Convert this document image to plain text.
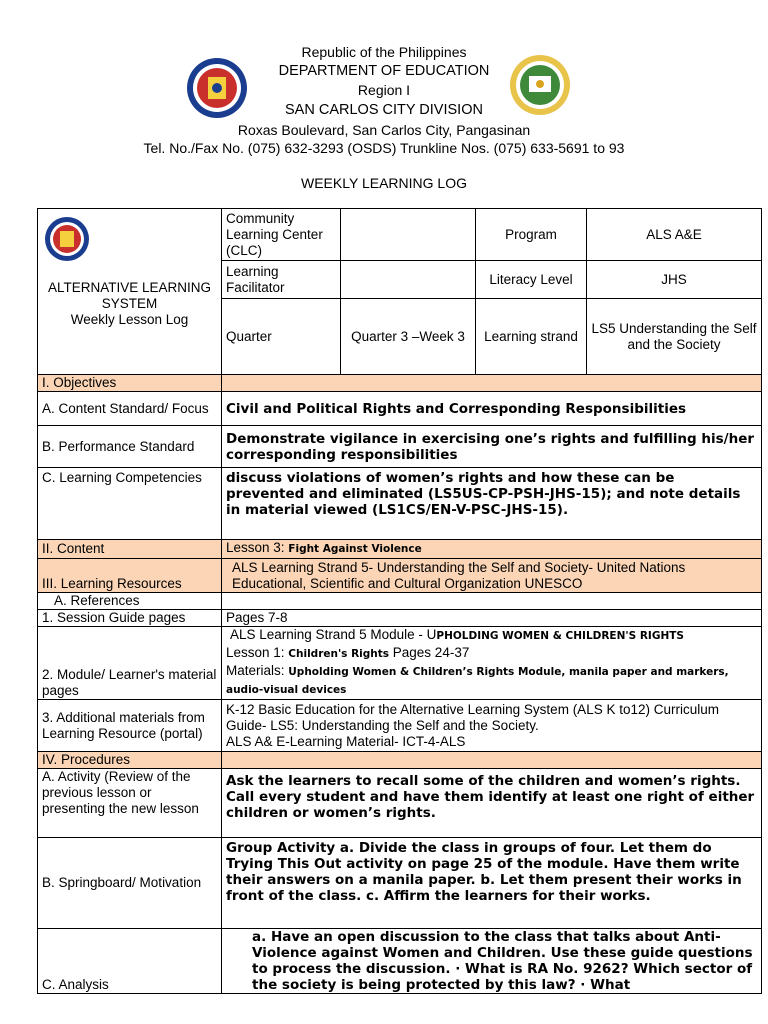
Republic of the Philippines
DEPARTMENT OF EDUCATION
Region I
SAN CARLOS CITY DIVISION
Roxas Boulevard, San Carlos City, Pangasinan
Tel. No./Fax No. (075) 632-3293 (OSDS) Trunkline Nos. (075) 633-5691 to 93
WEEKLY LEARNING LOG
ALTERNATIVE LEARNING SYSTEM
Weekly Lesson Log	Community Learning Center (CLC)		Program	ALS A&E
	Learning Facilitator		Literacy Level	JHS
	Quarter	Quarter 3 –Week 3	Learning strand	LS5 Understanding the Self and the Society
I. Objectives				
A. Content Standard/ Focus	Civil and Political Rights and Corresponding Responsibilities			
B. Performance Standard	Demonstrate vigilance in exercising one’s rights and fulfilling his/her corresponding responsibilities			
C. Learning Competencies	discuss violations of women’s rights and how these can be prevented and eliminated (LS5US-CP-PSH-JHS-15); and note details in material viewed (LS1CS/EN-V-PSC-JHS-15).			
II. Content	Lesson 3: Fight Against Violence			
III. Learning Resources	ALS Learning Strand 5- Understanding the Self and Society- United Nations Educational, Scientific and Cultural Organization UNESCO			
A. References				
1. Session Guide pages	Pages 7-8			
2. Module/ Learner's material pages	ALS Learning Strand 5 Module - UPHOLDING WOMEN & CHILDREN'S RIGHTS
Lesson 1: Children's Rights Pages 24-37
Materials: Upholding Women & Children’s Rights Module, manila paper and markers, audio-visual devices			

3. Additional materials from Learning Resource (portal)	K-12 Basic Education for the Alternative Learning System (ALS K to12) Curriculum Guide- LS5: Understanding the Self and the Society.
ALS A& E-Learning Material- ICT-4-ALS			

IV. Procedures				
A. Activity (Review of the previous lesson or presenting the new lesson	Ask the learners to recall some of the children and women’s rights. Call every student and have them identify at least one right of either children or women’s rights.			
B. Springboard/ Motivation	Group Activity a. Divide the class in groups of four. Let them do Trying This Out activity on page 25 of the module. Have them write their answers on a manila paper. b. Let them present their works in front of the class. c. Affirm the learners for their works.			
C. Analysis	a. Have an open discussion to the class that talks about Anti-Violence against Women and Children. Use these guide questions to process the discussion. · What is RA No. 9262? Which sector of the society is being protected by this law? · What			
